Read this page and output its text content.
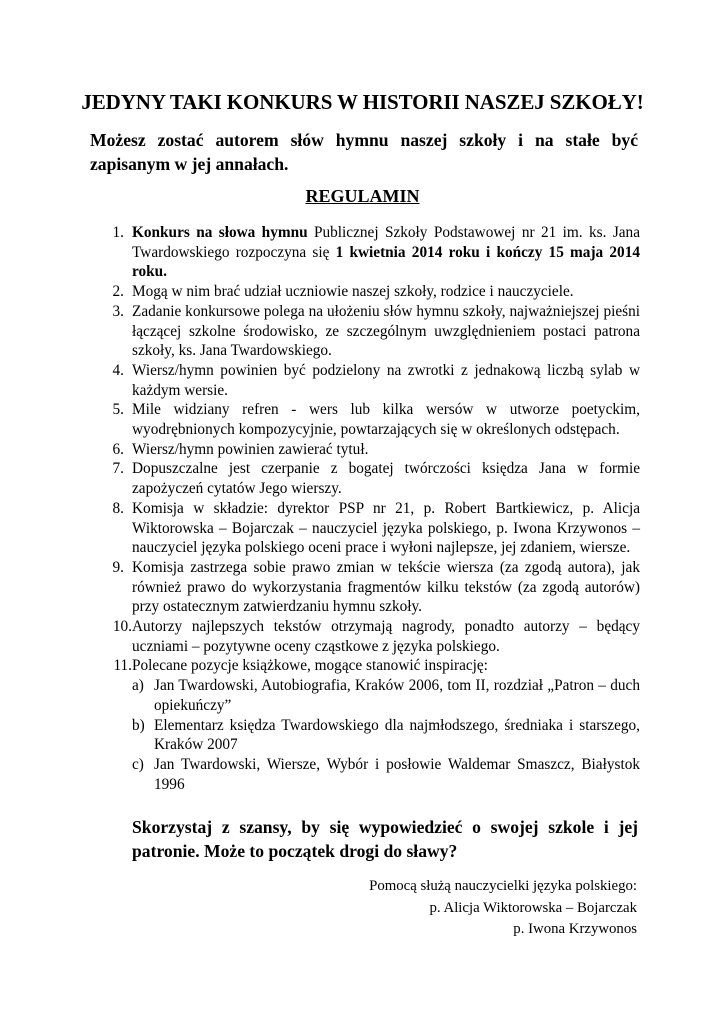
JEDYNY TAKI KONKURS W HISTORII NASZEJ SZKOŁY!

Możesz zostać autorem słów hymnu naszej szkoły i na stałe być zapisanym w jej annałach.

REGULAMIN
1. Konkurs na słowa hymnu Publicznej Szkoły Podstawowej nr 21 im. ks. Jana Twardowskiego rozpoczyna się 1 kwietnia 2014 roku i kończy 15 maja 2014 roku.
2. Mogą w nim brać udział uczniowie naszej szkoły, rodzice i nauczyciele.
3. Zadanie konkursowe polega na ułożeniu słów hymnu szkoły, najważniejszej pieśni łączącej szkolne środowisko, ze szczególnym uwzględnieniem postaci patrona szkoły, ks. Jana Twardowskiego.
4. Wiersz/hymn powinien być podzielony na zwrotki z jednakową liczbą sylab w każdym wersie.
5. Mile widziany refren - wers lub kilka wersów w utworze poetyckim, wyodrębnionych kompozycyjnie, powtarzających się w określonych odstępach.
6. Wiersz/hymn powinien zawierać tytuł.
7. Dopuszczalne jest czerpanie z bogatej twórczości księdza Jana w formie zapożyczeń cytatów Jego wierszy.
8. Komisja w składzie: dyrektor PSP nr 21, p. Robert Bartkiewicz, p. Alicja Wiktorowska – Bojarczak – nauczyciel języka polskiego, p. Iwona Krzywonos – nauczyciel języka polskiego oceni prace i wyłoni najlepsze, jej zdaniem, wiersze.
9. Komisja zastrzega sobie prawo zmian w tekście wiersza (za zgodą autora), jak również prawo do wykorzystania fragmentów kilku tekstów (za zgodą autorów) przy ostatecznym zatwierdzaniu hymnu szkoły.
10. Autorzy najlepszych tekstów otrzymają nagrody, ponadto autorzy – będący uczniami – pozytywne oceny cząstkowe z języka polskiego.
11. Polecane pozycje książkowe, mogące stanowić inspirację:
a) Jan Twardowski, Autobiografia, Kraków 2006, tom II, rozdział „Patron – duch opiekuńczy”
b) Elementarz księdza Twardowskiego dla najmłodszego, średniaka i starszego, Kraków 2007
c) Jan Twardowski, Wiersze, Wybór i posłowie Waldemar Smaszcz, Białystok 1996

Skorzystaj z szansy, by się wypowiedzieć o swojej szkole i jej patronie. Może to początek drogi do sławy?

Pomocą służą nauczycielki języka polskiego:
p. Alicja Wiktorowska – Bojarczak
p. Iwona Krzywonos
